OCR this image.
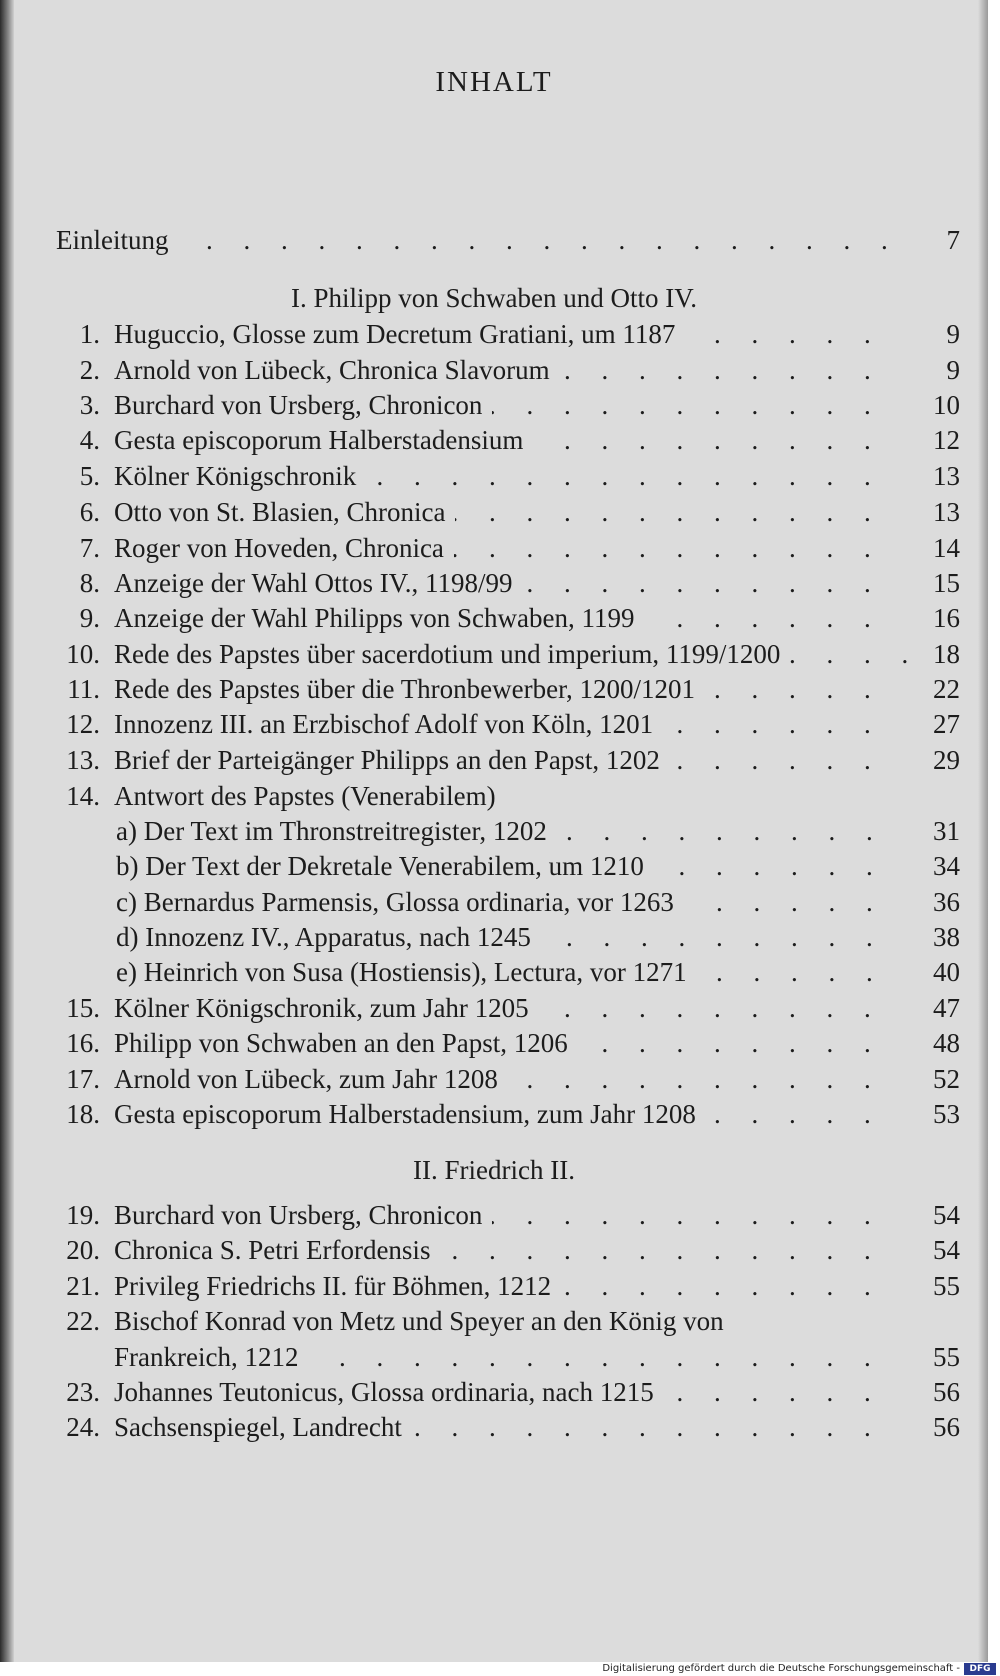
INHALT
Einleitung . . .	7
I. Philipp von Schwaben und Otto IV.
1. Huguccio, Glosse zum Decretum Gratiani, um 1187 . . .	9
2. Arnold von Lübeck, Chronica Slavorum . . .	9
3. Burchard von Ursberg, Chronicon . . .	10
4. Gesta episcoporum Halberstadensium . . .	12
5. Kölner Königschronik . . .	13
6. Otto von St. Blasien, Chronica . . .	13
7. Roger von Hoveden, Chronica . . .	14
8. Anzeige der Wahl Ottos IV., 1198/99 . . .	15
9. Anzeige der Wahl Philipps von Schwaben, 1199 . . .	16
10. Rede des Papstes über sacerdotium und imperium, 1199/1200 . . .	18
11. Rede des Papstes über die Thronbewerber, 1200/1201 . . .	22
12. Innozenz III. an Erzbischof Adolf von Köln, 1201 . . .	27
13. Brief der Parteigänger Philipps an den Papst, 1202 . . .	29
14. Antwort des Papstes (Venerabilem)
a) Der Text im Thronstreitregister, 1202 . . .	31
b) Der Text der Dekretale Venerabilem, um 1210 . . .	34
c) Bernardus Parmensis, Glossa ordinaria, vor 1263 . . .	36
d) Innozenz IV., Apparatus, nach 1245 . . .	38
e) Heinrich von Susa (Hostiensis), Lectura, vor 1271 . . .	40
15. Kölner Königschronik, zum Jahr 1205 . . .	47
16. Philipp von Schwaben an den Papst, 1206 . . .	48
17. Arnold von Lübeck, zum Jahr 1208 . . .	52
18. Gesta episcoporum Halberstadensium, zum Jahr 1208 . . .	53
II. Friedrich II.
19. Burchard von Ursberg, Chronicon . . .	54
20. Chronica S. Petri Erfordensis . . .	54
21. Privileg Friedrichs II. für Böhmen, 1212 . . .	55
22. Bischof Konrad von Metz und Speyer an den König von
Frankreich, 1212 . . .	55
23. Johannes Teutonicus, Glossa ordinaria, nach 1215 . . .	56
24. Sachsenspiegel, Landrecht . . .	56
Digitalisierung gefördert durch die Deutsche Forschungsgemeinschaft -	DFG
